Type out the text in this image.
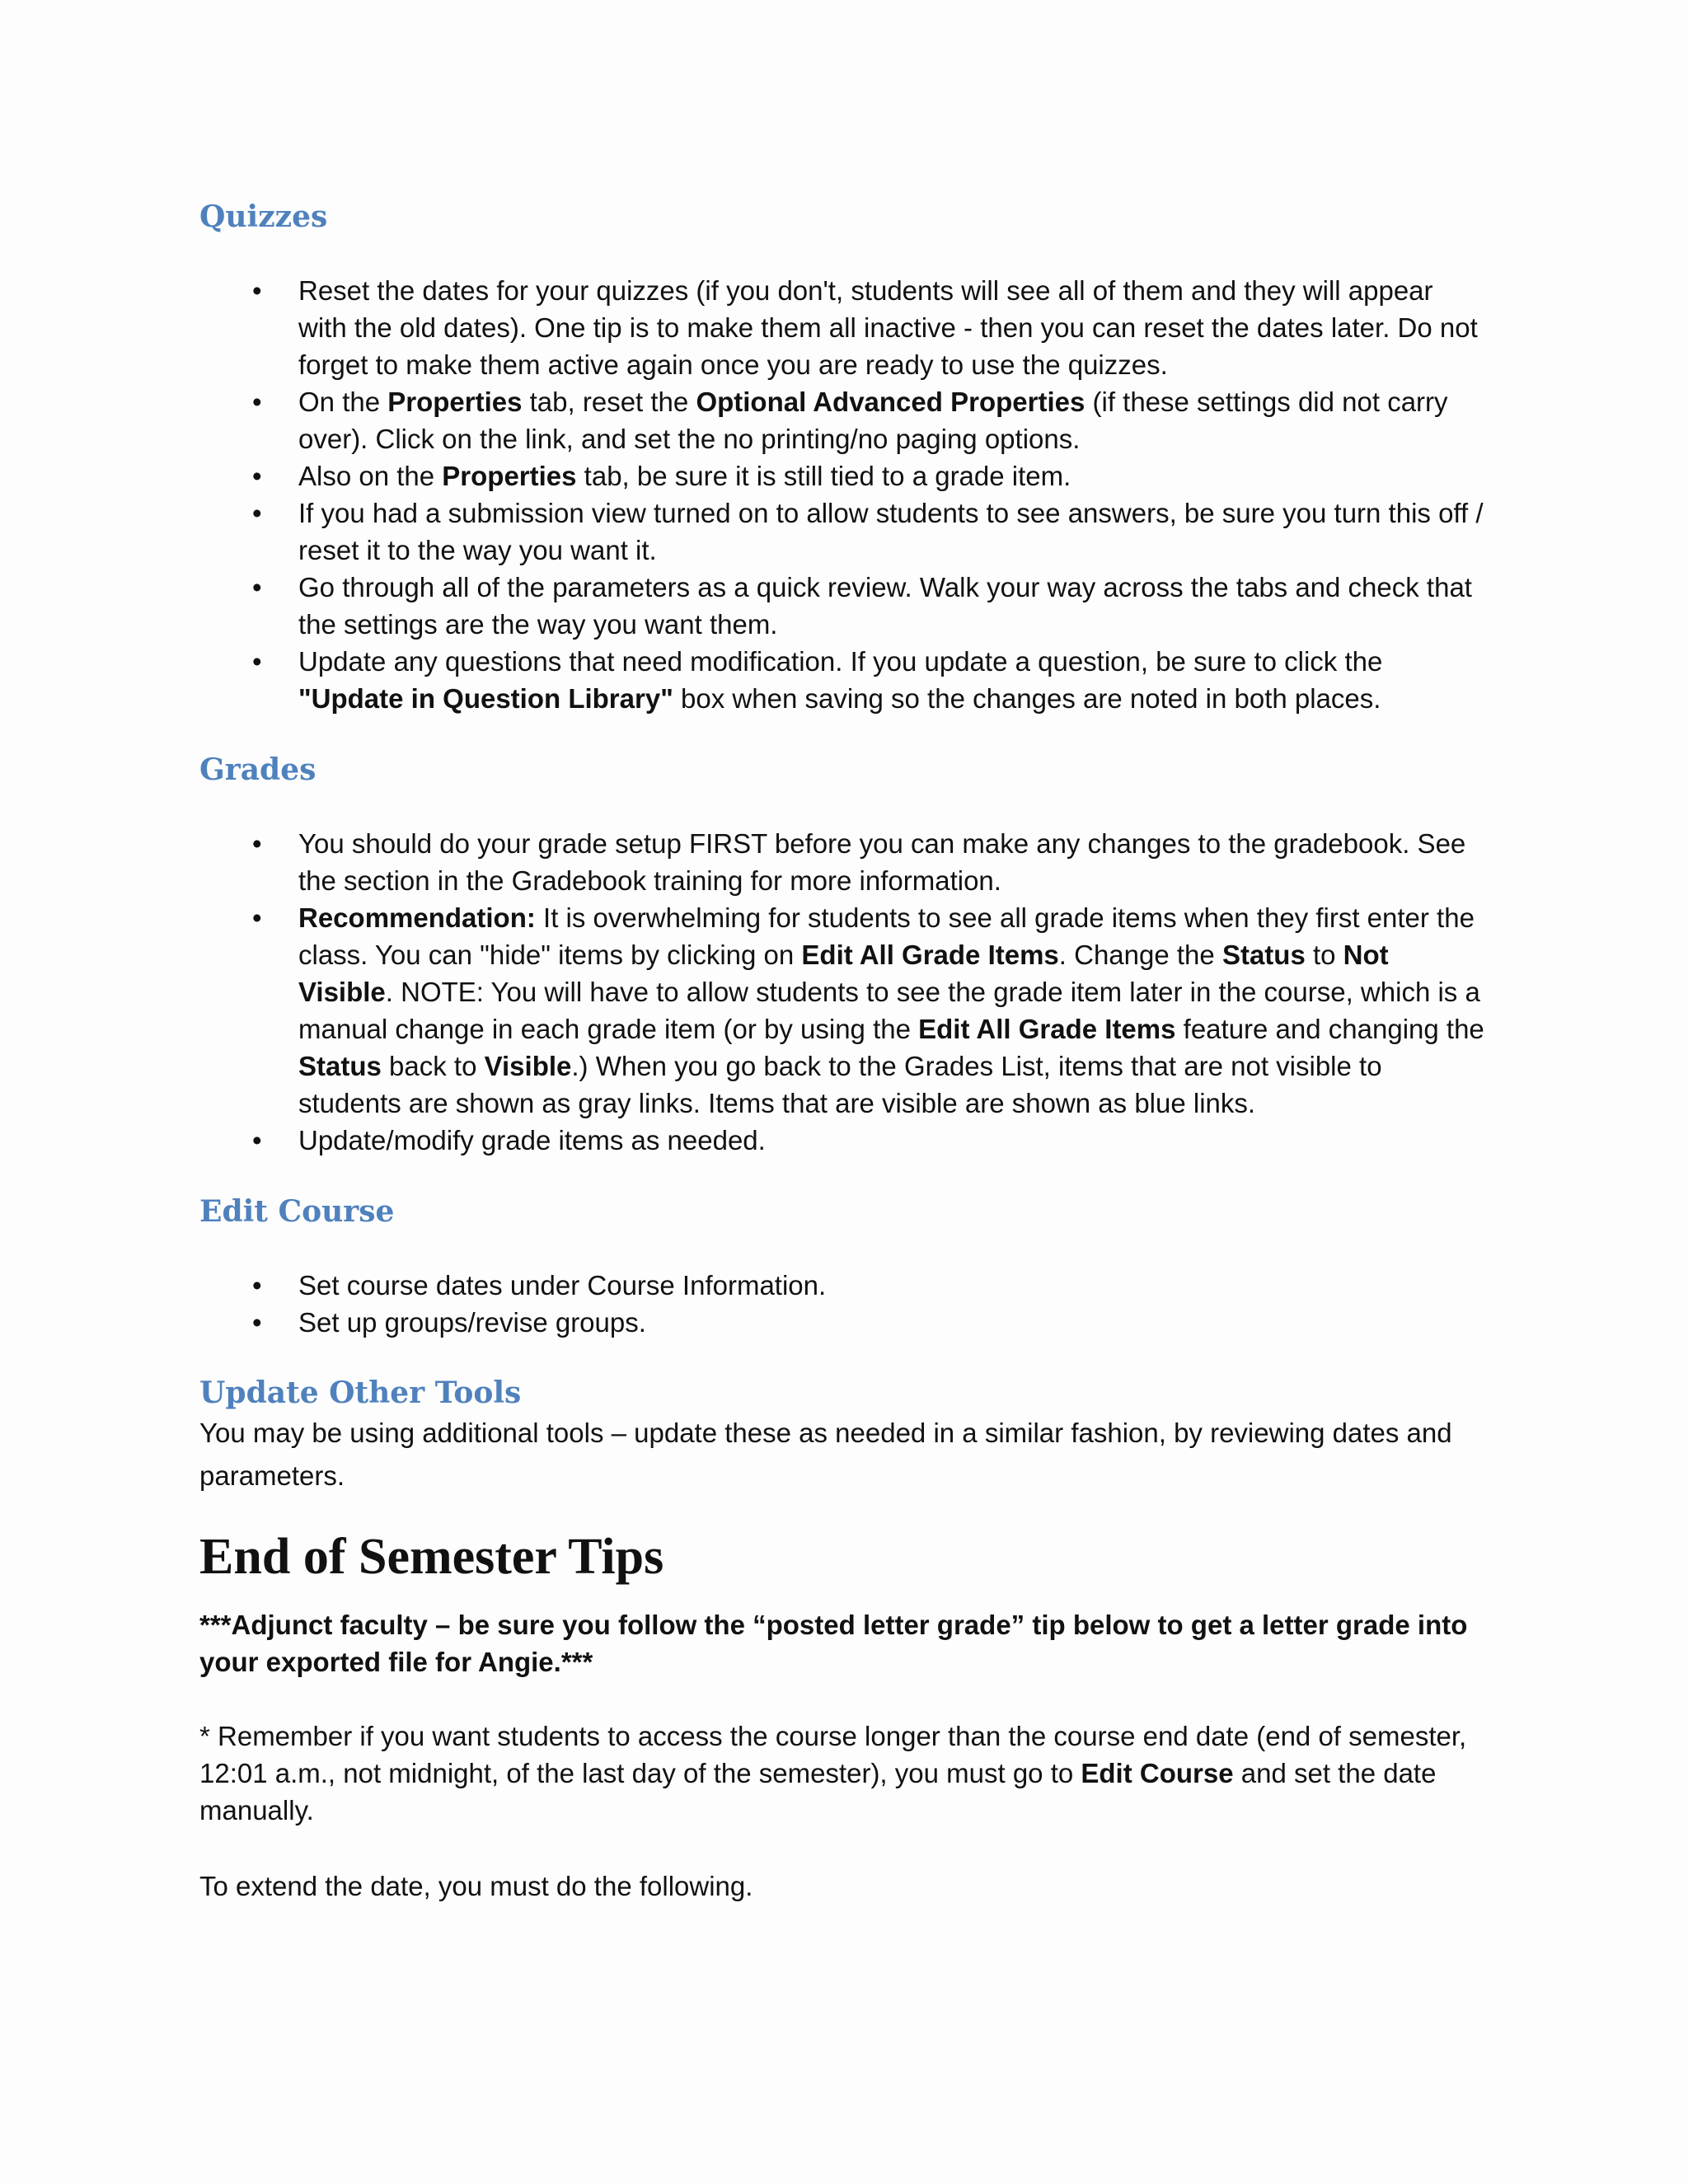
Quizzes
• Reset the dates for your quizzes (if you don't, students will see all of them and they will appear with the old dates). One tip is to make them all inactive - then you can reset the dates later. Do not forget to make them active again once you are ready to use the quizzes.
• On the Properties tab, reset the Optional Advanced Properties (if these settings did not carry over). Click on the link, and set the no printing/no paging options.
• Also on the Properties tab, be sure it is still tied to a grade item.
• If you had a submission view turned on to allow students to see answers, be sure you turn this off / reset it to the way you want it.
• Go through all of the parameters as a quick review. Walk your way across the tabs and check that the settings are the way you want them.
• Update any questions that need modification. If you update a question, be sure to click the "Update in Question Library" box when saving so the changes are noted in both places.
Grades
• You should do your grade setup FIRST before you can make any changes to the gradebook. See the section in the Gradebook training for more information.
• Recommendation: It is overwhelming for students to see all grade items when they first enter the class. You can "hide" items by clicking on Edit All Grade Items. Change the Status to Not Visible. NOTE: You will have to allow students to see the grade item later in the course, which is a manual change in each grade item (or by using the Edit All Grade Items feature and changing the Status back to Visible.) When you go back to the Grades List, items that are not visible to students are shown as gray links. Items that are visible are shown as blue links.
• Update/modify grade items as needed.
Edit Course
• Set course dates under Course Information.
• Set up groups/revise groups.
Update Other Tools

You may be using additional tools – update these as needed in a similar fashion, by reviewing dates and parameters.

End of Semester Tips

***Adjunct faculty – be sure you follow the “posted letter grade” tip below to get a letter grade into your exported file for Angie.***

* Remember if you want students to access the course longer than the course end date (end of semester, 12:01 a.m., not midnight, of the last day of the semester), you must go to Edit Course and set the date manually.

To extend the date, you must do the following.
